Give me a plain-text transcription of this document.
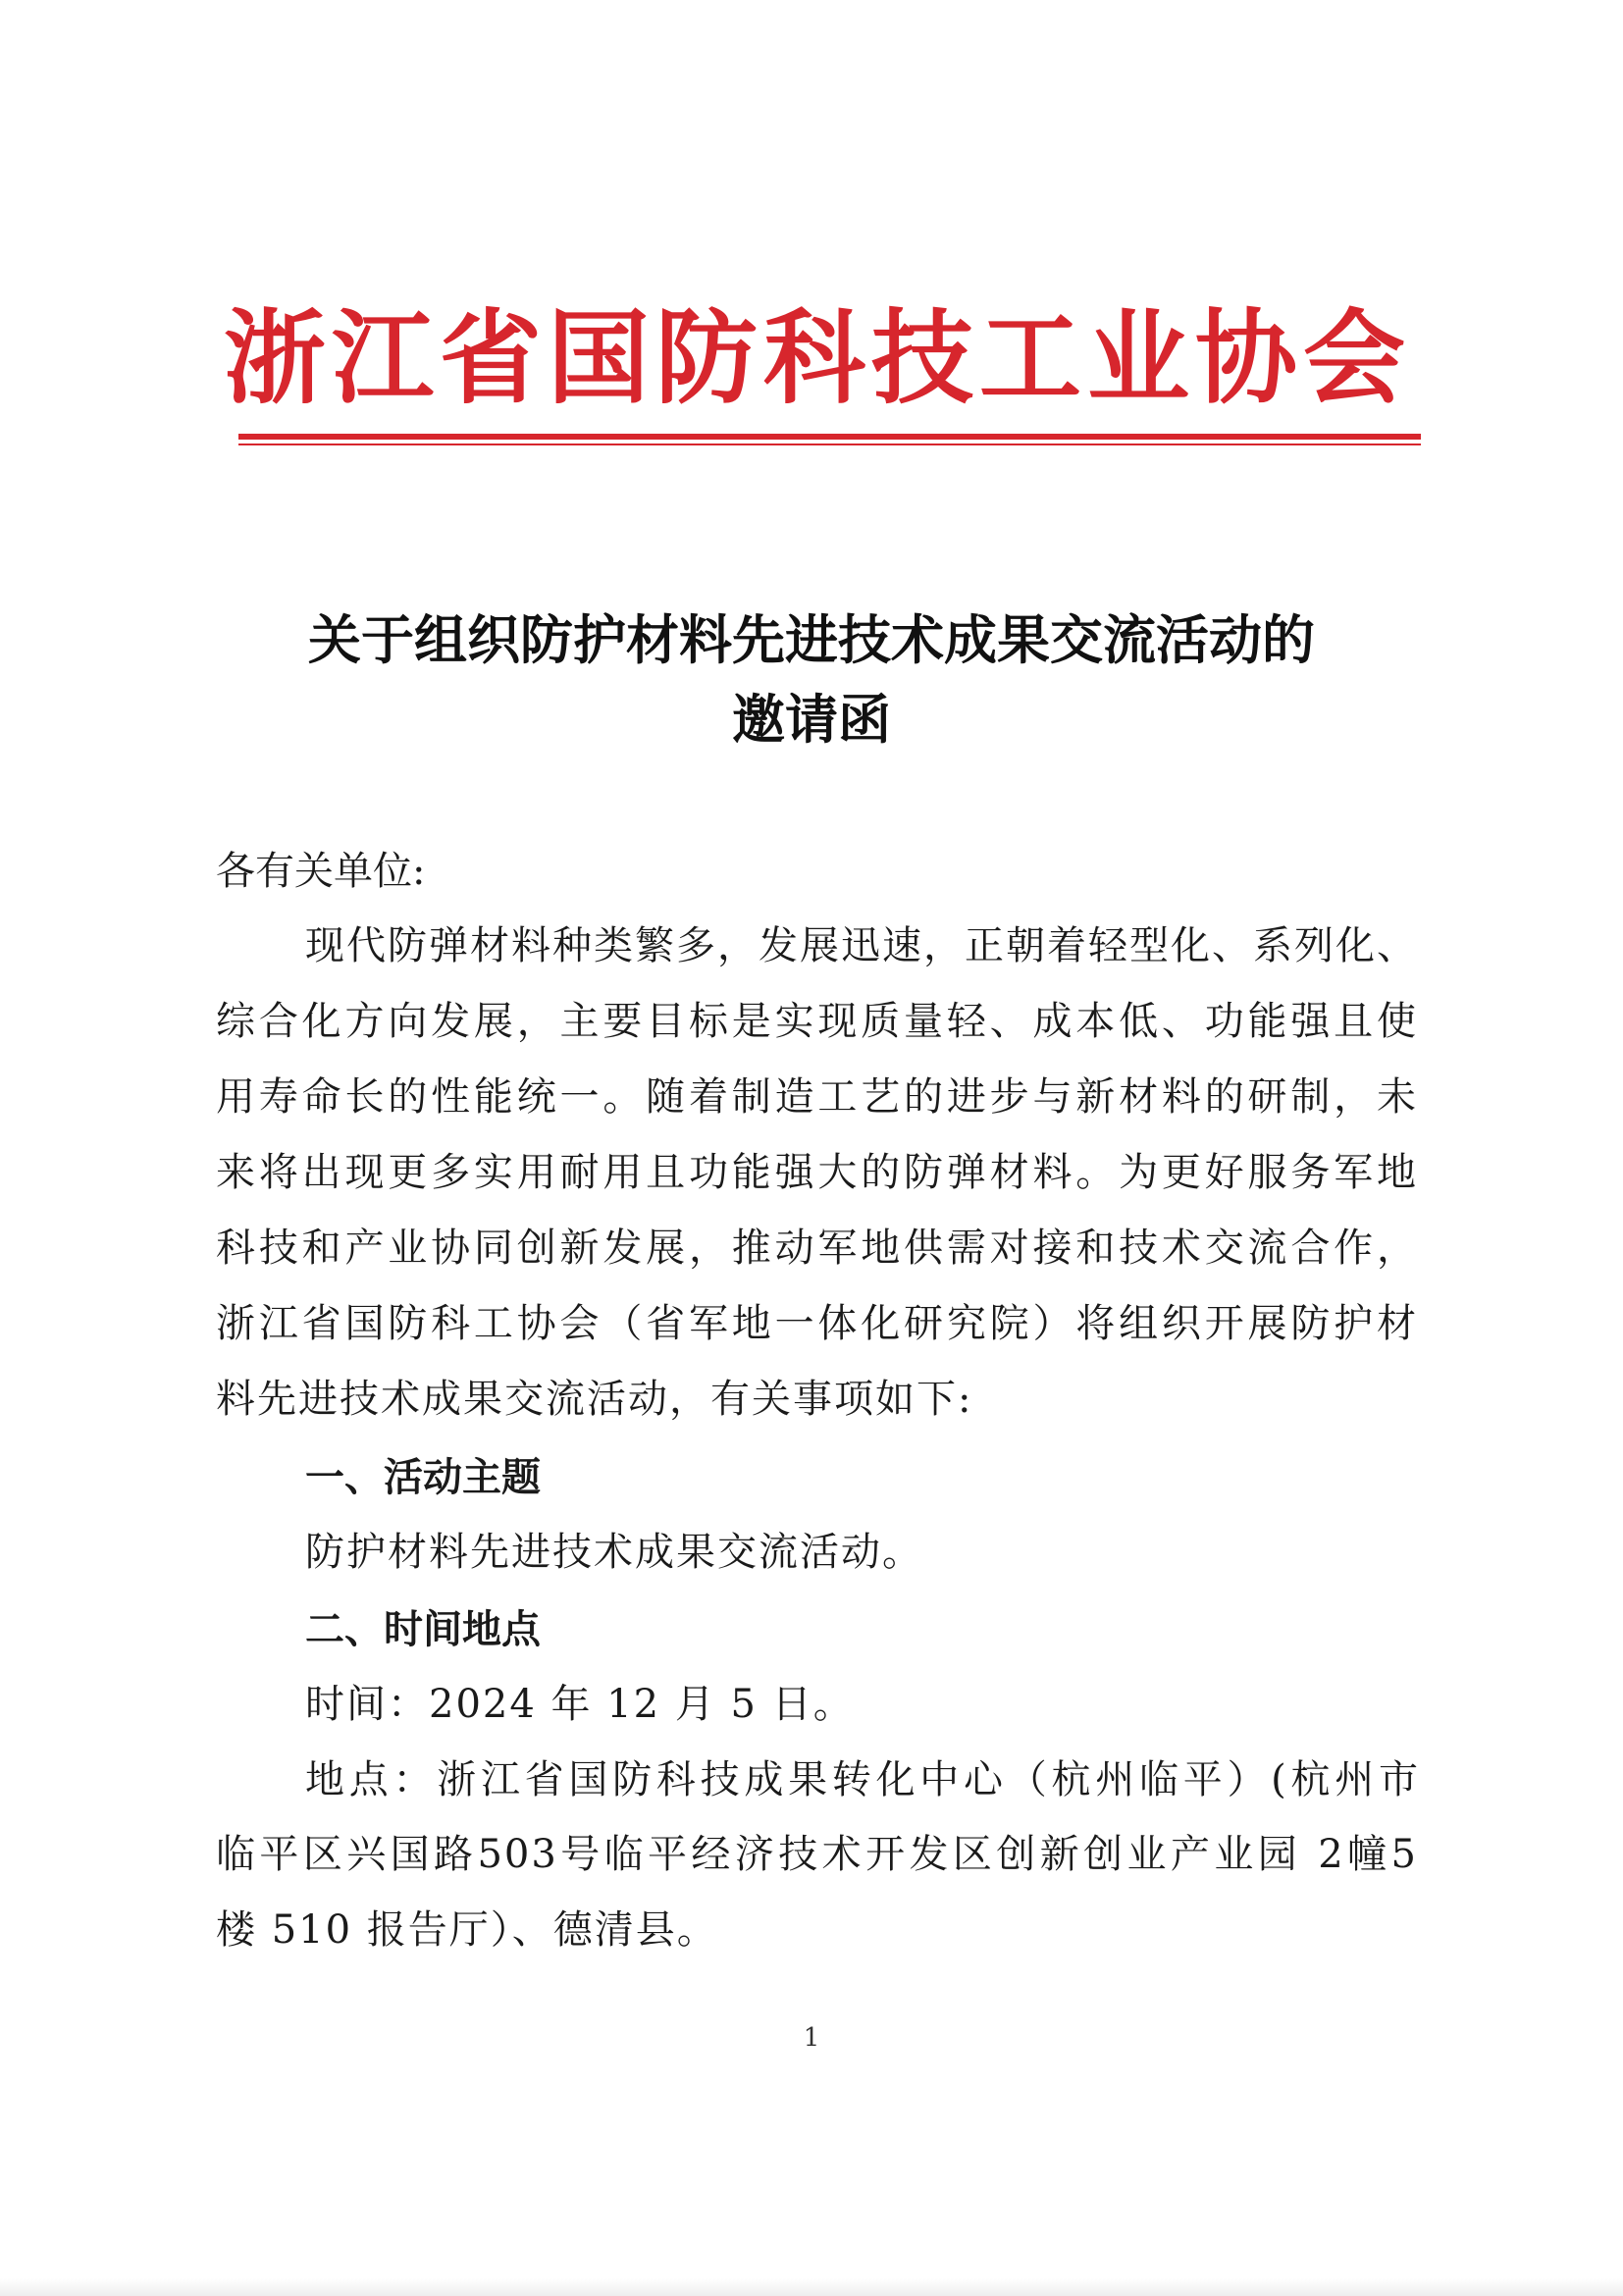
浙江省国防科技工业协会
关于组织防护材料先进技术成果交流活动的
邀请函
各有关单位:
现代防弹材料种类繁多，发展迅速，正朝着轻型化、系列化、
综合化方向发展，主要目标是实现质量轻、成本低、功能强且使
用寿命长的性能统一。随着制造工艺的进步与新材料的研制，未
来将出现更多实用耐用且功能强大的防弹材料。为更好服务军地
科技和产业协同创新发展，推动军地供需对接和技术交流合作，
浙江省国防科工协会（省军地一体化研究院）将组织开展防护材
料先进技术成果交流活动，有关事项如下:
一、活动主题
防护材料先进技术成果交流活动。
二、时间地点
时间：2024 年 12 月 5 日。
地点：浙江省国防科技成果转化中心（杭州临平）(杭州市
临平区兴国路503号临平经济技术开发区创新创业产业园 2幢5
楼 510 报告厅）、德清县。
1
